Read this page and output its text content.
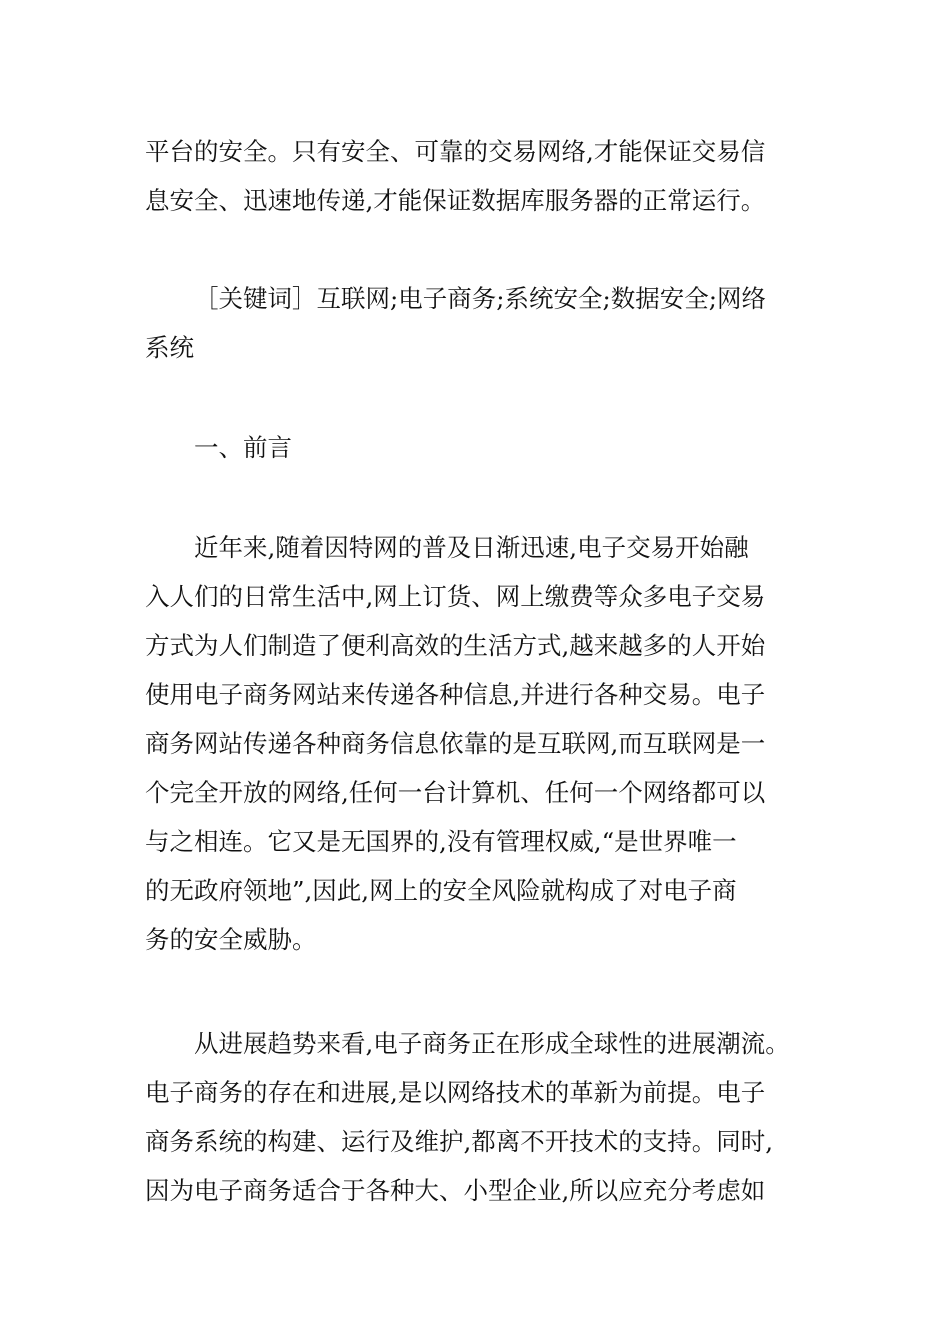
平台的安全。只有安全、可靠的交易网络,才能保证交易信
息安全、迅速地传递,才能保证数据库服务器的正常运行。
［关键词］互联网;电子商务;系统安全;数据安全;网络
系统
一、前言
近年来,随着因特网的普及日渐迅速,电子交易开始融
入人们的日常生活中,网上订货、网上缴费等众多电子交易
方式为人们制造了便利高效的生活方式,越来越多的人开始
使用电子商务网站来传递各种信息,并进行各种交易。电子
商务网站传递各种商务信息依靠的是互联网,而互联网是一
个完全开放的网络,任何一台计算机、任何一个网络都可以
与之相连。它又是无国界的,没有管理权威,“是世界唯一
的无政府领地”,因此,网上的安全风险就构成了对电子商
务的安全威胁。
从进展趋势来看,电子商务正在形成全球性的进展潮流。
电子商务的存在和进展,是以网络技术的革新为前提。电子
商务系统的构建、运行及维护,都离不开技术的支持。同时,
因为电子商务适合于各种大、小型企业,所以应充分考虑如
